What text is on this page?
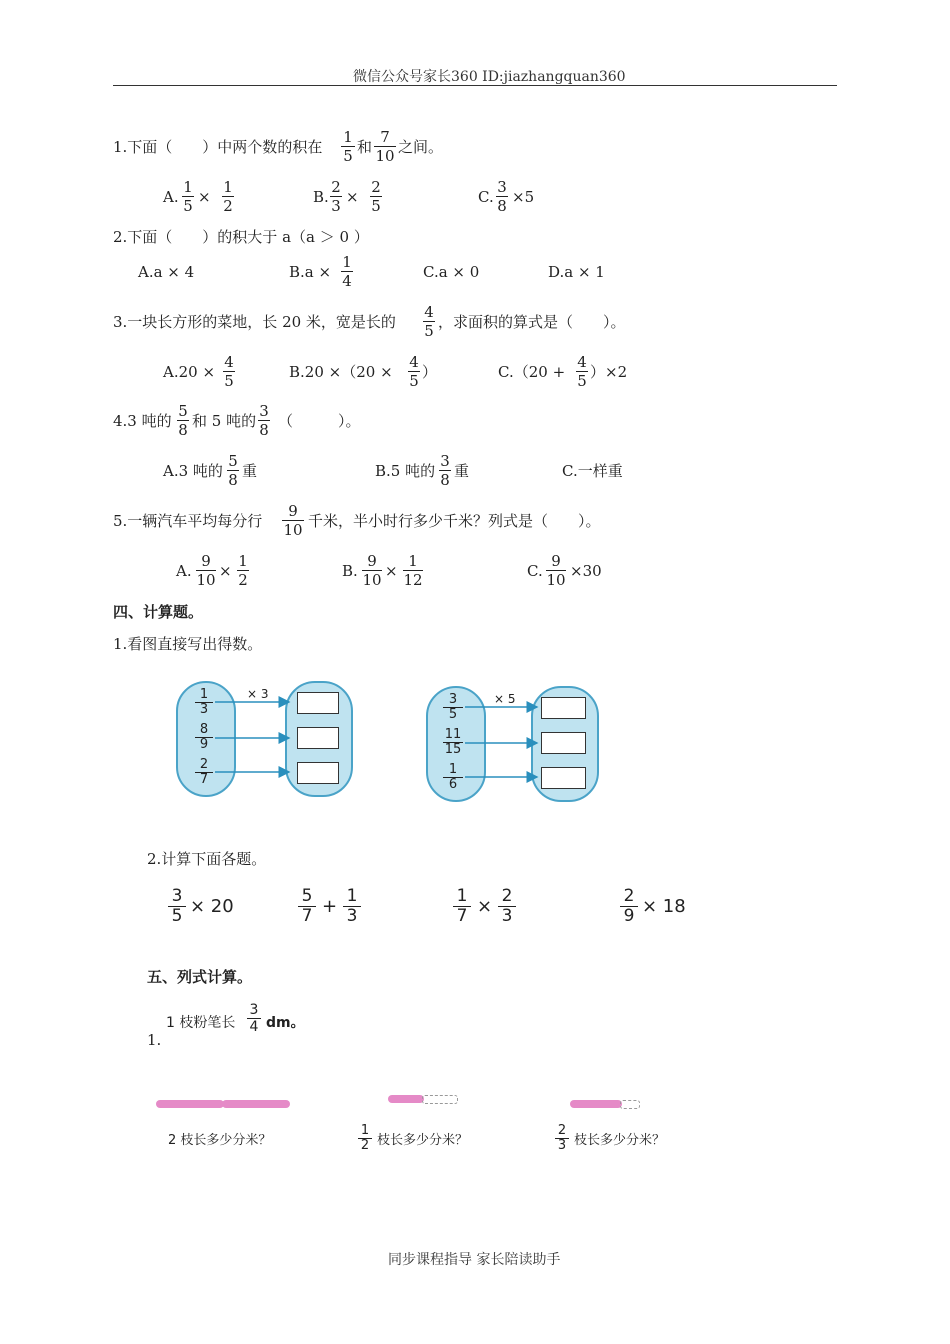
微信公众号家长360 ID:jiazhangquan360
1.下面（　　）中两个数的积在
1
5 和
7
10 之间。
A.
1
5 ×
1
2	B.
2
3 ×
2
5	C.
3
8 ×5
2.下面（　　）的积大于 a（a ＞ 0 ）
A.a × 4	B.a ×
1
4	C.a × 0	D.a × 1
3.一块长方形的菜地，长 20 米，宽是长的
4
5 ，求面积的算式是（　　）。
A.20 ×
4
5	B.20 ×（20 ×
4
5 ）	C.（20 +
4
5 ）×2
4.3 吨的
5
8 和 5 吨的
3
8 （　　　）。
A.3 吨的
5
8 重	B.5 吨的
3
8 重	C.一样重
5.一辆汽车平均每分行
9
10 千米，半小时行多少千米？列式是（　　）。
A.
9
10 ×
1
2	B.
9
10 ×
1
12	C.
9
10 ×30
四、计算题。
1.看图直接写出得数。
1
3
8
9
2
7
× 3	3
5
11
15
1
6
× 5
2.计算下面各题。
3
5 × 20	5
7 + 1
3
1
7 × 2
3
2
9 × 18
五、列式计算。
1 枝粉笔长
3
4 dm。
1.
2 枝长多少分米？
1
2 枝长多少分米？
2
3 枝长多少分米？
同步课程指导 家长陪读助手
